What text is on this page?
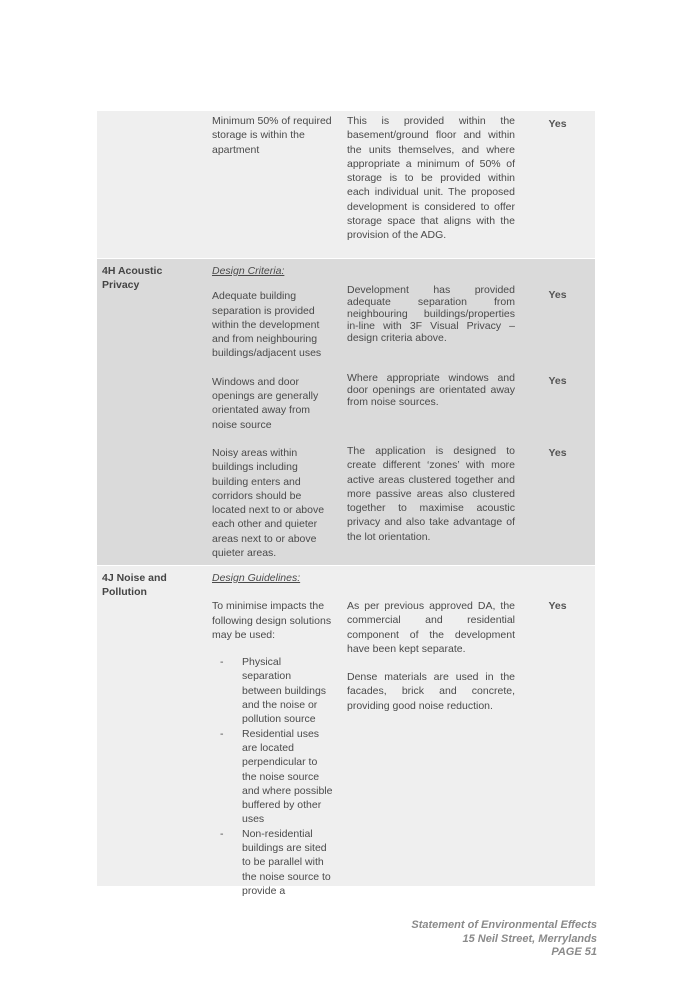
Minimum 50% of required storage is within the apartment

This is provided within the basement/ground floor and within the units themselves, and where appropriate a minimum of 50% of storage is to be provided within each individual unit. The proposed development is considered to offer storage space that aligns with the provision of the ADG.

Yes
4H Acoustic Privacy
Design Criteria:

Adequate building separation is provided within the development and from neighbouring buildings/adjacent uses

Windows and door openings are generally orientated away from noise source

Noisy areas within buildings including building enters and corridors should be located next to or above each other and quieter areas next to or above quieter areas.

Development has provided adequate separation from neighbouring buildings/properties in-line with 3F Visual Privacy – design criteria above.

Where appropriate windows and door openings are orientated away from noise sources.

The application is designed to create different ‘zones’ with more active areas clustered together and more passive areas also clustered together to maximise acoustic privacy and also take advantage of the lot orientation.

Yes
Yes
Yes
4J Noise and Pollution
Design Guidelines:

To minimise impacts the following design solutions may be used:

- Physical separation between buildings and the noise or pollution source
- Residential uses are located perpendicular to the noise source and where possible buffered by other uses
- Non-residential buildings are sited to be parallel with the noise source to provide a

As per previous approved DA, the commercial and residential component of the development have been kept separate.

Dense materials are used in the facades, brick and concrete, providing good noise reduction.

Yes
Statement of Environmental Effects
15 Neil Street, Merrylands
PAGE 51
